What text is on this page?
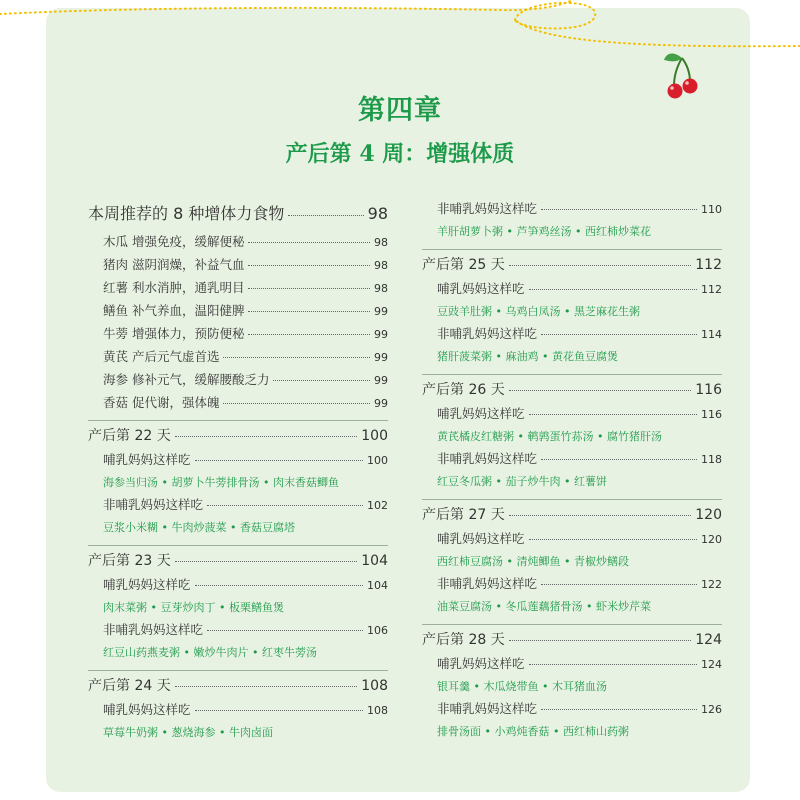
第四章
产后第 4 周：增强体质
本周推荐的 8 种增体力食物	98
木瓜 增强免疫，缓解便秘	98
猪肉 滋阴润燥，补益气血	98
红薯 利水消肿，通乳明目	98
鳝鱼 补气养血，温阳健脾	99
牛蒡 增强体力，预防便秘	99
黄芪 产后元气虚首选	99
海参 修补元气，缓解腰酸乏力	99
香菇 促代谢，强体魄	99
产后第 22 天	100
哺乳妈妈这样吃	100
海参当归汤 • 胡萝卜牛蒡排骨汤 • 肉末香菇鲫鱼
非哺乳妈妈这样吃	102
豆浆小米糊 • 牛肉炒菠菜 • 香菇豆腐塔
产后第 23 天	104
哺乳妈妈这样吃	104
肉末菜粥 • 豆芽炒肉丁 • 板栗鳝鱼煲
非哺乳妈妈这样吃	106
红豆山药燕麦粥 • 嫩炒牛肉片 • 红枣牛蒡汤
产后第 24 天	108
哺乳妈妈这样吃	108
草莓牛奶粥 • 葱烧海参 • 牛肉卤面
非哺乳妈妈这样吃	110
羊肝胡萝卜粥 • 芦笋鸡丝汤 • 西红柿炒菜花
产后第 25 天	112
哺乳妈妈这样吃	112
豆豉羊肚粥 • 乌鸡白凤汤 • 黑芝麻花生粥
非哺乳妈妈这样吃	114
猪肝菠菜粥 • 麻油鸡 • 黄花鱼豆腐煲
产后第 26 天	116
哺乳妈妈这样吃	116
黄芪橘皮红糖粥 • 鹌鹑蛋竹荪汤 • 腐竹猪肝汤
非哺乳妈妈这样吃	118
红豆冬瓜粥 • 茄子炒牛肉 • 红薯饼
产后第 27 天	120
哺乳妈妈这样吃	120
西红柿豆腐汤 • 清炖鲫鱼 • 青椒炒鳝段
非哺乳妈妈这样吃	122
油菜豆腐汤 • 冬瓜莲藕猪骨汤 • 虾米炒芹菜
产后第 28 天	124
哺乳妈妈这样吃	124
银耳羹 • 木瓜烧带鱼 • 木耳猪血汤
非哺乳妈妈这样吃	126
排骨汤面 • 小鸡炖香菇 • 西红柿山药粥
